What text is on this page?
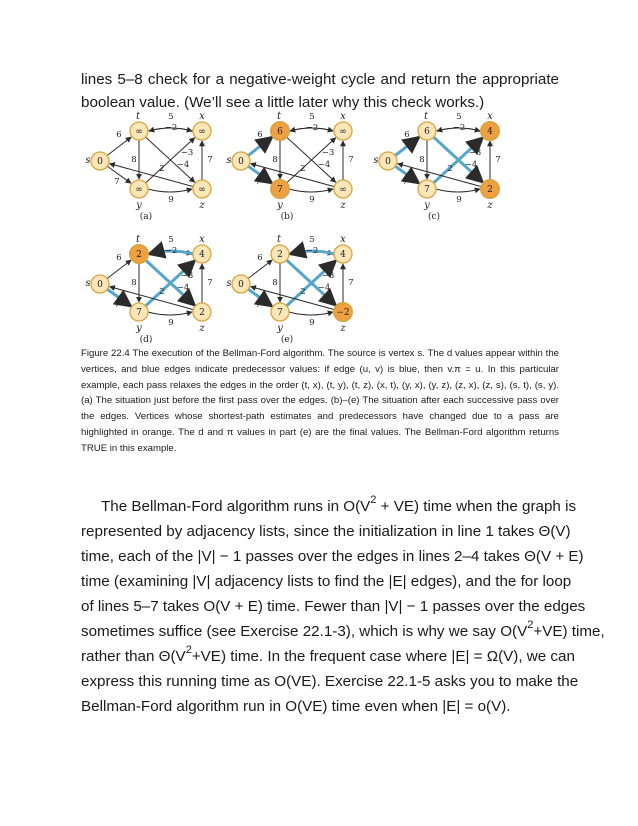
lines 5–8 check for a negative-weight cycle and return the appropriate boolean value. (We’ll see a little later why this check works.)

6
7
5
−2
8	−4
−3
9
7
2
0
s
∞
t
∞
x
∞
y
∞
z
(a)
6
7
5
−2
8	−4
−3
9
7
2
0
s
6
t
∞
x
7
y
∞
z
(b)
6
7
5
−2
8	−4
−3
9
7
2
0
s
6
t
4
x
7
y
2
z
(c)
6
7
5
−2
8	−4
−3
9
7
2
0
s
2
t
4
x
7
y
2
z
(d)
6
7
5
−2
8	−4
−3
9
7
2
0
s
2
t
4
x
7
y
−2
z
(e)

Figure 22.4 The execution of the Bellman-Ford algorithm. The source is vertex s. The d values appear within the vertices, and blue edges indicate predecessor values: if edge (u, v) is blue, then v.π = u. In this particular example, each pass relaxes the edges in the order (t, x), (t, y), (t, z), (x, t), (y, x), (y, z), (z, x), (z, s), (s, t), (s, y). (a) The situation just before the first pass over the edges. (b)–(e) The situation after each successive pass over the edges. Vertices whose shortest-path estimates and predecessors have changed due to a pass are highlighted in orange. The d and π values in part (e) are the final values. The Bellman-Ford algorithm returns TRUE in this example.

The Bellman-Ford algorithm runs in $O(V^2 + VE)$ time when the graph is
represented by adjacency lists, since the initialization in line 1 takes Θ(V)
time, each of the |V| − 1 passes over the edges in lines 2–4 takes Θ(V + E)
time (examining |V| adjacency lists to find the |E| edges), and the for loop
of lines 5–7 takes O(V + E) time. Fewer than |V| − 1 passes over the edges
sometimes suffice (see Exercise 22.1-3), which is why we say $O(V^2+VE)$ time,
rather than $\Theta(V^2+VE)$ time. In the frequent case where |E| = Ω(V), we can
express this running time as O(VE). Exercise 22.1-5 asks you to make the
Bellman-Ford algorithm run in O(VE) time even when |E| = o(V).
